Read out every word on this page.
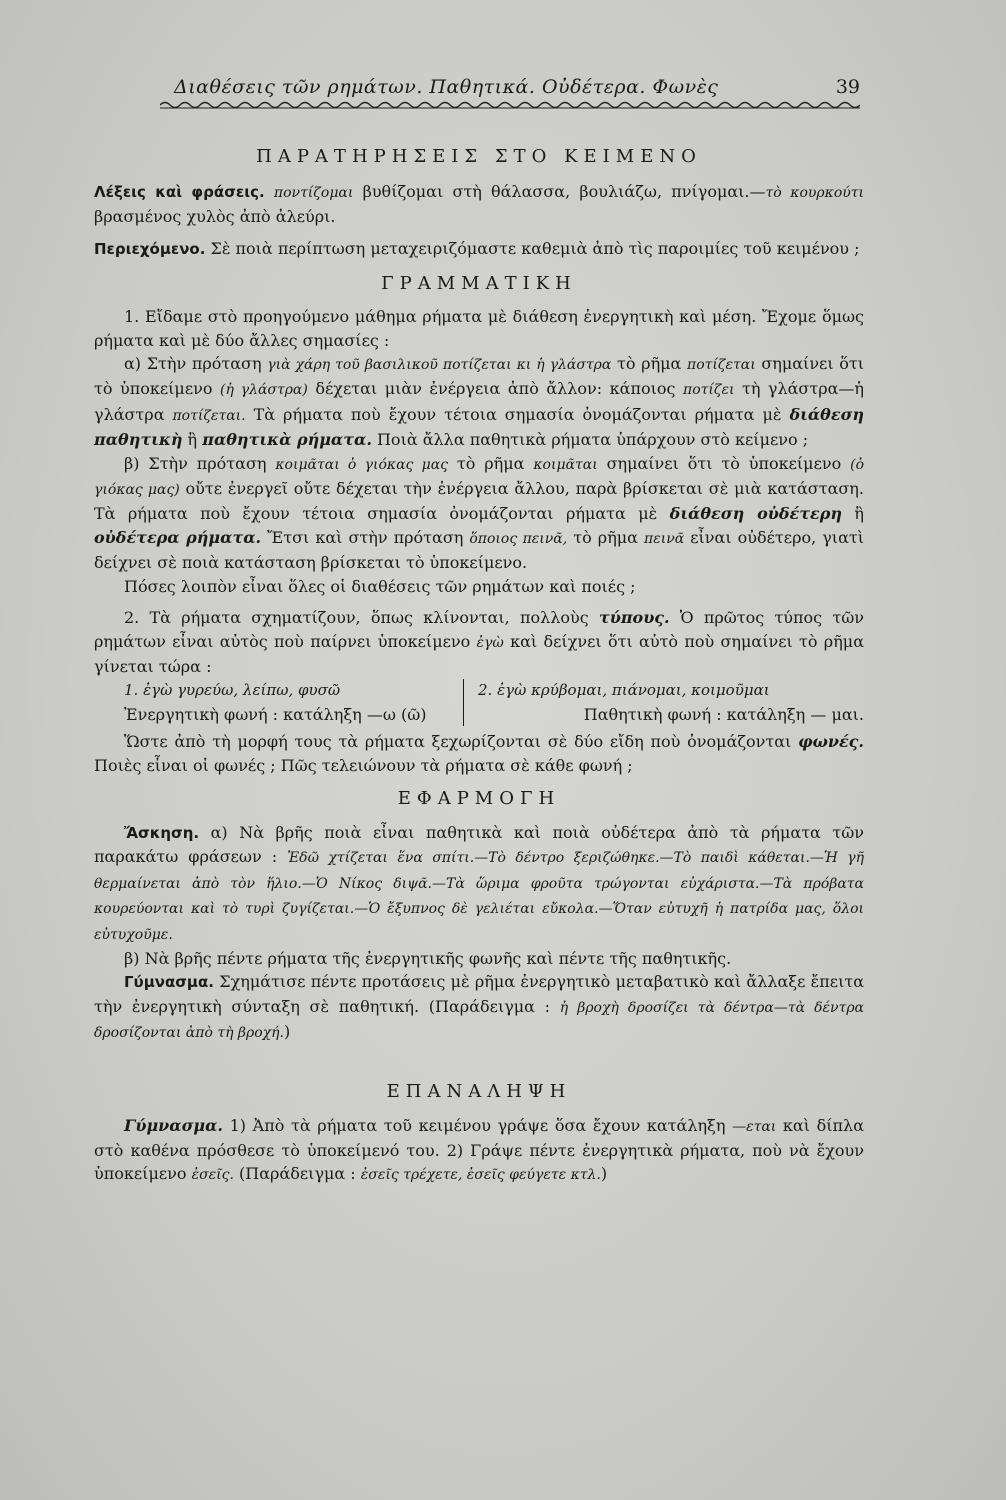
Διαθέσεις τῶν ρημάτων. Παθητικά. Οὐδέτερα. Φωνὲς	39

ΠΑΡΑΤΗΡΗΣΕΙΣ ΣΤΟ ΚΕΙΜΕΝΟ

Λέξεις καὶ φράσεις. ποντίζομαι βυθίζομαι στὴ θάλασσα, βουλιάζω, πνίγομαι.—τὸ κουρκούτι βρασμένος χυλὸς ἀπὸ ἀλεύρι.

Περιεχόμενο. Σὲ ποιὰ περίπτωση μεταχειριζόμαστε καθεμιὰ ἀπὸ τὶς παροιμίες τοῦ κειμένου ;

ΓΡΑΜΜΑΤΙΚΗ

1. Εἴδαμε στὸ προηγούμενο μάθημα ρήματα μὲ διάθεση ἐνεργητικὴ καὶ μέση. Ἔχομε ὅμως ρήματα καὶ μὲ δύο ἄλλες σημασίες :

α) Στὴν πρόταση γιὰ χάρη τοῦ βασιλικοῦ ποτίζεται κι ἡ γλάστρα τὸ ρῆμα ποτίζεται σημαίνει ὅτι τὸ ὑποκείμενο (ἡ γλάστρα) δέχεται μιὰν ἐνέργεια ἀπὸ ἄλλον: κάποιος ποτίζει τὴ γλάστρα—ἡ γλάστρα ποτίζεται. Τὰ ρήματα ποὺ ἔχουν τέτοια σημασία ὀνομάζονται ρήματα μὲ διάθεση παθητικὴ ἢ παθητικὰ ρήματα. Ποιὰ ἄλλα παθητικὰ ρήματα ὑπάρχουν στὸ κείμενο ;

β) Στὴν πρόταση κοιμᾶται ὁ γιόκας μας τὸ ρῆμα κοιμᾶται σημαίνει ὅτι τὸ ὑποκείμενο (ὁ γιόκας μας) οὔτε ἐνεργεῖ οὔτε δέχεται τὴν ἐνέργεια ἄλλου, παρὰ βρίσκεται σὲ μιὰ κατάσταση. Τὰ ρήματα ποὺ ἔχουν τέτοια σημασία ὀνομάζονται ρήματα μὲ διάθεση οὐδέτερη ἢ οὐδέτερα ρήματα. Ἔτσι καὶ στὴν πρόταση ὅποιος πεινᾶ, τὸ ρῆμα πεινᾶ εἶναι οὐδέτερο, γιατὶ δείχνει σὲ ποιὰ κατάσταση βρίσκεται τὸ ὑποκείμενο.

Πόσες λοιπὸν εἶναι ὅλες οἱ διαθέσεις τῶν ρημάτων καὶ ποιές ;

2. Τὰ ρήματα σχηματίζουν, ὅπως κλίνονται, πολλοὺς τύπους. Ὁ πρῶτος τύπος τῶν ρημάτων εἶναι αὐτὸς ποὺ παίρνει ὑποκείμενο ἐγὼ καὶ δείχνει ὅτι αὐτὸ ποὺ σημαίνει τὸ ρῆμα γίνεται τώρα :

1. ἐγὼ γυρεύω, λείπω, φυσῶ
Ἐνεργητικὴ φωνή : κατάληξη —ω (ῶ)
2. ἐγὼ κρύβομαι, πιάνομαι, κοιμοῦμαι
Παθητικὴ φωνή : κατάληξη — μαι.

Ὥστε ἀπὸ τὴ μορφή τους τὰ ρήματα ξεχωρίζονται σὲ δύο εἴδη ποὺ ὀνομάζονται φωνές. Ποιὲς εἶναι οἱ φωνές ; Πῶς τελειώνουν τὰ ρήματα σὲ κάθε φωνή ;

ΕΦΑΡΜΟΓΗ

Ἄσκηση. α) Νὰ βρῆς ποιὰ εἶναι παθητικὰ καὶ ποιὰ οὐδέτερα ἀπὸ τὰ ρήματα τῶν παρακάτω φράσεων : Ἐδῶ χτίζεται ἕνα σπίτι.—Τὸ δέντρο ξεριζώθηκε.—Τὸ παιδὶ κάθεται.—Ἡ γῆ θερμαίνεται ἀπὸ τὸν ἥλιο.—Ὁ Νίκος διψᾶ.—Τὰ ὥριμα φροῦτα τρώγονται εὐχάριστα.—Τὰ πρόβατα κουρεύονται καὶ τὸ τυρὶ ζυγίζεται.—Ὁ ἔξυπνος δὲ γελιέται εὔκολα.—Ὅταν εὐτυχῆ ἡ πατρίδα μας, ὅλοι εὐτυχοῦμε.

β) Νὰ βρῆς πέντε ρήματα τῆς ἐνεργητικῆς φωνῆς καὶ πέντε τῆς παθητικῆς.

Γύμνασμα. Σχημάτισε πέντε προτάσεις μὲ ρῆμα ἐνεργητικὸ μεταβατικὸ καὶ ἄλλαξε ἔπειτα τὴν ἐνεργητικὴ σύνταξη σὲ παθητική. (Παράδειγμα : ἡ βροχὴ δροσίζει τὰ δέντρα—τὰ δέντρα δροσίζονται ἀπὸ τὴ βροχή.)

ΕΠΑΝΑΛΗΨΗ

Γύμνασμα. 1) Ἀπὸ τὰ ρήματα τοῦ κειμένου γράψε ὅσα ἔχουν κατάληξη —εται καὶ δίπλα στὸ καθένα πρόσθεσε τὸ ὑποκείμενό του. 2) Γράψε πέντε ἐνεργητικὰ ρήματα, ποὺ νὰ ἔχουν ὑποκείμενο ἐσεῖς. (Παράδειγμα : ἐσεῖς τρέχετε, ἐσεῖς φεύγετε κτλ.)
